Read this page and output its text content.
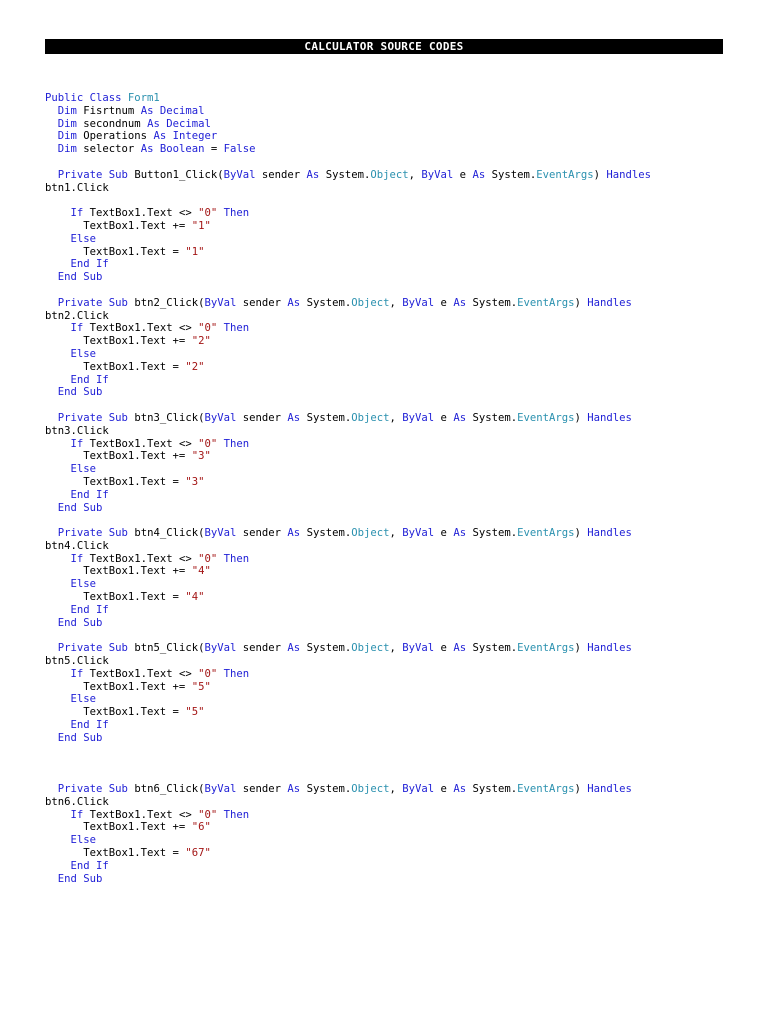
CALCULATOR SOURCE CODES
Public Class Form1
Dim Fisrtnum As Decimal
Dim secondnum As Decimal
Dim Operations As Integer
Dim selector As Boolean = False
Private Sub Button1_Click(ByVal sender As System.Object, ByVal e As System.EventArgs) Handles
btn1.Click
If TextBox1.Text <> "0" Then
TextBox1.Text += "1"
Else
TextBox1.Text = "1"
End If
End Sub
Private Sub btn2_Click(ByVal sender As System.Object, ByVal e As System.EventArgs) Handles
btn2.Click
If TextBox1.Text <> "0" Then
TextBox1.Text += "2"
Else
TextBox1.Text = "2"
End If
End Sub
Private Sub btn3_Click(ByVal sender As System.Object, ByVal e As System.EventArgs) Handles
btn3.Click
If TextBox1.Text <> "0" Then
TextBox1.Text += "3"
Else
TextBox1.Text = "3"
End If
End Sub
Private Sub btn4_Click(ByVal sender As System.Object, ByVal e As System.EventArgs) Handles
btn4.Click
If TextBox1.Text <> "0" Then
TextBox1.Text += "4"
Else
TextBox1.Text = "4"
End If
End Sub
Private Sub btn5_Click(ByVal sender As System.Object, ByVal e As System.EventArgs) Handles
btn5.Click
If TextBox1.Text <> "0" Then
TextBox1.Text += "5"
Else
TextBox1.Text = "5"
End If
End Sub
Private Sub btn6_Click(ByVal sender As System.Object, ByVal e As System.EventArgs) Handles
btn6.Click
If TextBox1.Text <> "0" Then
TextBox1.Text += "6"
Else
TextBox1.Text = "67"
End If
End Sub
